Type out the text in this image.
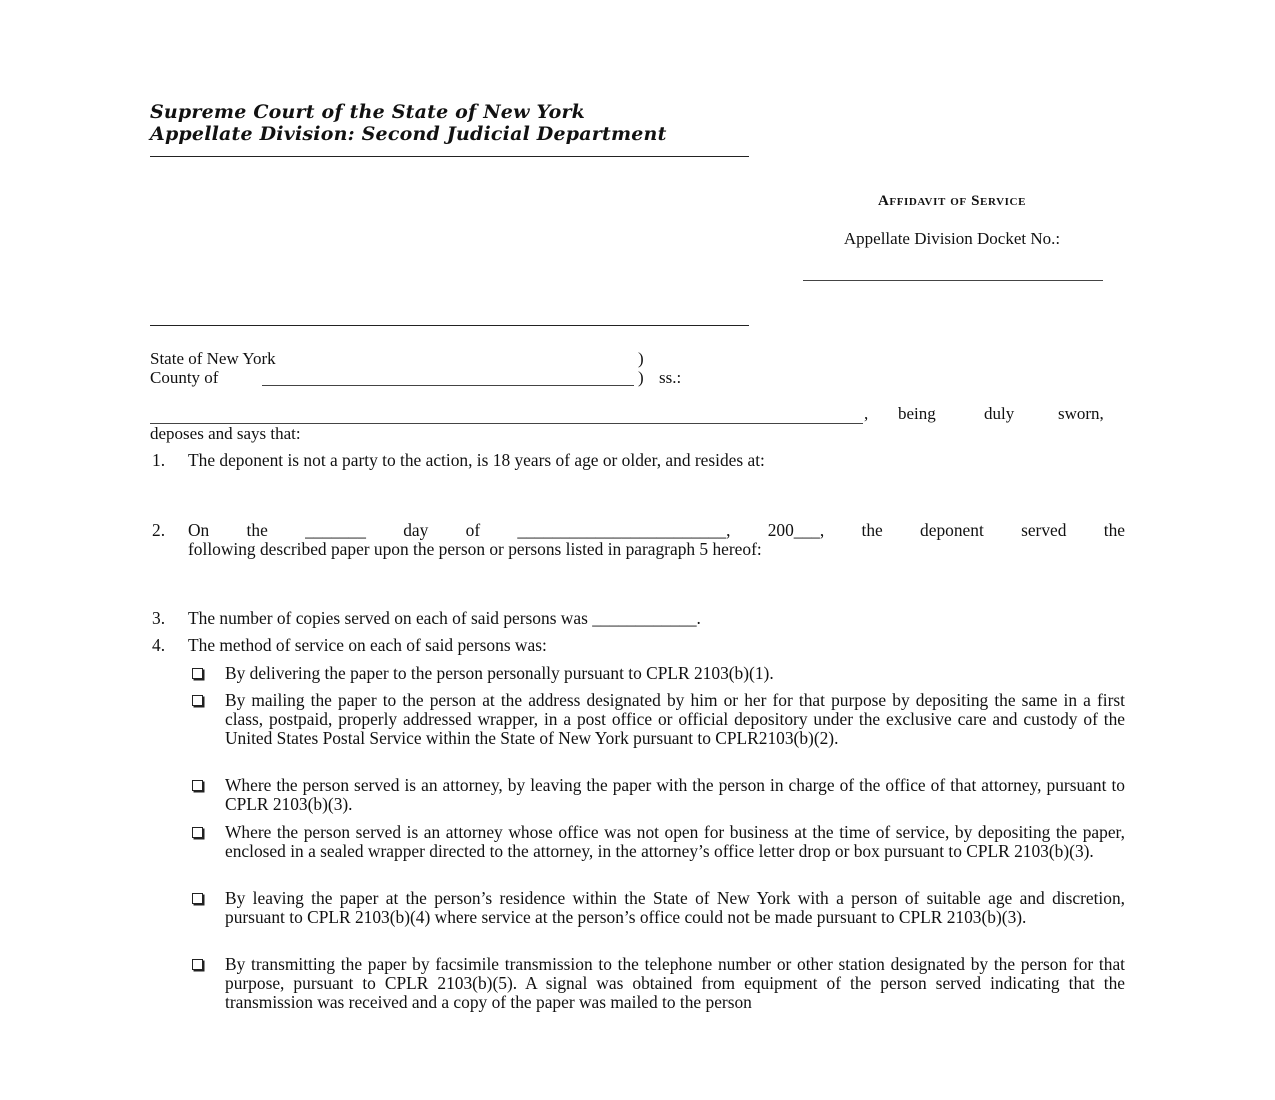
Supreme Court of the State of New York
Appellate Division: Second Judicial Department
Affidavit of Service
Appellate Division Docket No.:
State of New York	)
County of	) ss.:
, being	duly	sworn,
deposes and says that:
1.	The deponent is not a party to the action, is 18 years of age or older, and resides at:
2.	On the _______ day of ________________________, 200___, the deponent served the
following described paper upon the person or persons listed in paragraph 5 hereof:
3.	The number of copies served on each of said persons was ____________.
4.	The method of service on each of said persons was:
By delivering the paper to the person personally pursuant to CPLR 2103(b)(1).
By mailing the paper to the person at the address designated by him or her for that purpose by depositing the same in a first class, postpaid, properly addressed wrapper, in a post office or official depository under the exclusive care and custody of the United States Postal Service within the State of New York pursuant to CPLR2103(b)(2).
Where the person served is an attorney, by leaving the paper with the person in charge of the office of that attorney, pursuant to CPLR 2103(b)(3).
Where the person served is an attorney whose office was not open for business at the time of service, by depositing the paper, enclosed in a sealed wrapper directed to the attorney, in the attorney’s office letter drop or box pursuant to CPLR 2103(b)(3).
By leaving the paper at the person’s residence within the State of New York with a person of suitable age and discretion, pursuant to CPLR 2103(b)(4) where service at the person’s office could not be made pursuant to CPLR 2103(b)(3).
By transmitting the paper by facsimile transmission to the telephone number or other station designated by the person for that purpose, pursuant to CPLR 2103(b)(5). A signal was obtained from equipment of the person served indicating that the transmission was received and a copy of the paper was mailed to the person
